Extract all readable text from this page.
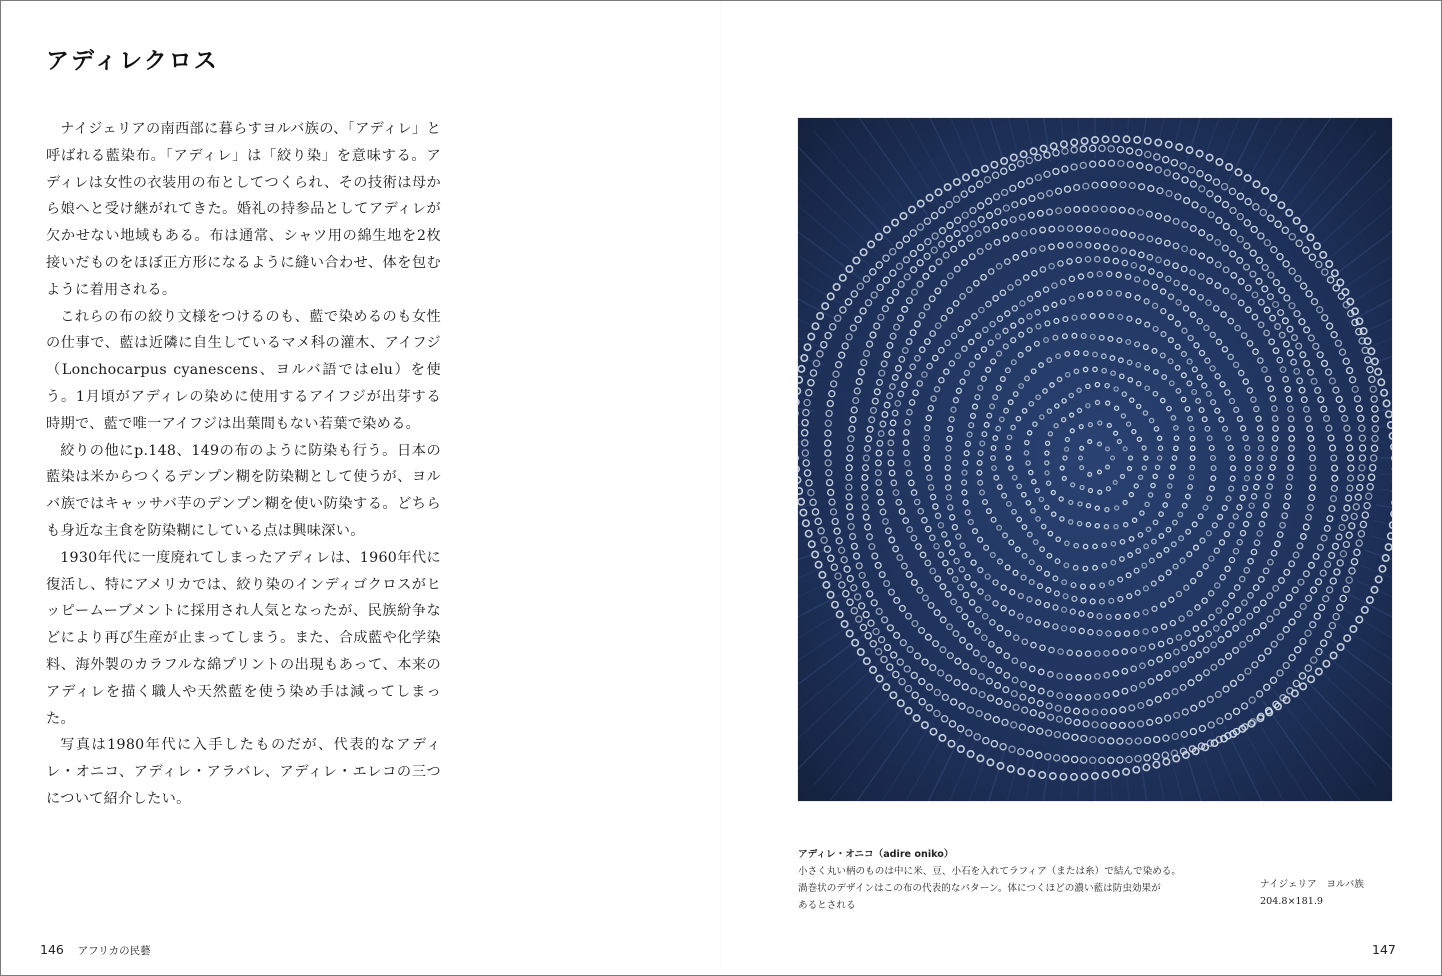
アディレクロス

ナイジェリアの南西部に暮らすヨルバ族の、「アディレ」と呼ばれる藍染布。「アディレ」は「絞り染」を意味する。アディレは女性の衣装用の布としてつくられ、その技術は母から娘へと受け継がれてきた。婚礼の持参品としてアディレが欠かせない地域もある。布は通常、シャツ用の綿生地を2枚接いだものをほぼ正方形になるように縫い合わせ、体を包むように着用される。

これらの布の絞り文様をつけるのも、藍で染めるのも女性の仕事で、藍は近隣に自生しているマメ科の灌木、アイフジ（Lonchocarpus cyanescens、ヨルバ語ではelu）を使う。1月頃がアディレの染めに使用するアイフジが出芽する時期で、藍で唯一アイフジは出葉間もない若葉で染める。

絞りの他にp.148、149の布のように防染も行う。日本の藍染は米からつくるデンプン糊を防染糊として使うが、ヨルバ族ではキャッサバ芋のデンプン糊を使い防染する。どちらも身近な主食を防染糊にしている点は興味深い。

1930年代に一度廃れてしまったアディレは、1960年代に復活し、特にアメリカでは、絞り染のインディゴクロスがヒッピームーブメントに採用され人気となったが、民族紛争などにより再び生産が止まってしまう。また、合成藍や化学染料、海外製のカラフルな綿プリントの出現もあって、本来のアディレを描く職人や天然藍を使う染め手は減ってしまった。

写真は1980年代に入手したものだが、代表的なアディレ・オニコ、アディレ・アラバレ、アディレ・エレコの三つについて紹介したい。

146 アフリカの民藝
アディレ・オニコ（adire oniko）
小さく丸い柄のものは中に米、豆、小石を入れてラフィア（または糸）で結んで染める。
渦巻状のデザインはこの布の代表的なパターン。体につくほどの濃い藍は防虫効果が
あるとされる
ナイジェリア　ヨルバ族
204.8×181.9
147
